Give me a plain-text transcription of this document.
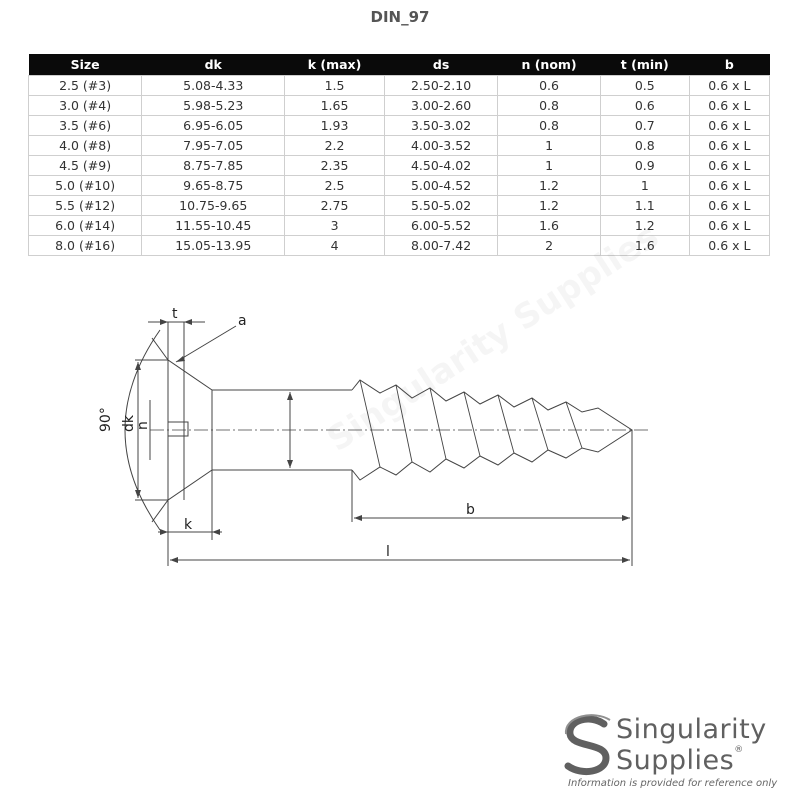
DIN_97
Size	dk	k (max)	ds	n (nom)	t (min)	b
2.5 (#3)	5.08-4.33	1.5	2.50-2.10	0.6	0.5	0.6 x L
3.0 (#4)	5.98-5.23	1.65	3.00-2.60	0.8	0.6	0.6 x L
3.5 (#6)	6.95-6.05	1.93	3.50-3.02	0.8	0.7	0.6 x L
4.0 (#8)	7.95-7.05	2.2	4.00-3.52	1	0.8	0.6 x L
4.5 (#9)	8.75-7.85	2.35	4.50-4.02	1	0.9	0.6 x L
5.0 (#10)	9.65-8.75	2.5	5.00-4.52	1.2	1	0.6 x L
5.5 (#12)	10.75-9.65	2.75	5.50-5.02	1.2	1.1	0.6 x L
6.0 (#14)	11.55-10.45	3	6.00-5.52	1.6	1.2	0.6 x L
8.0 (#16)	15.05-13.95	4	8.00-7.42	2	1.6	0.6 x L
t	a
90° dk
n
k
b
l
Singularity
Supplies®
Information is provided for reference only
